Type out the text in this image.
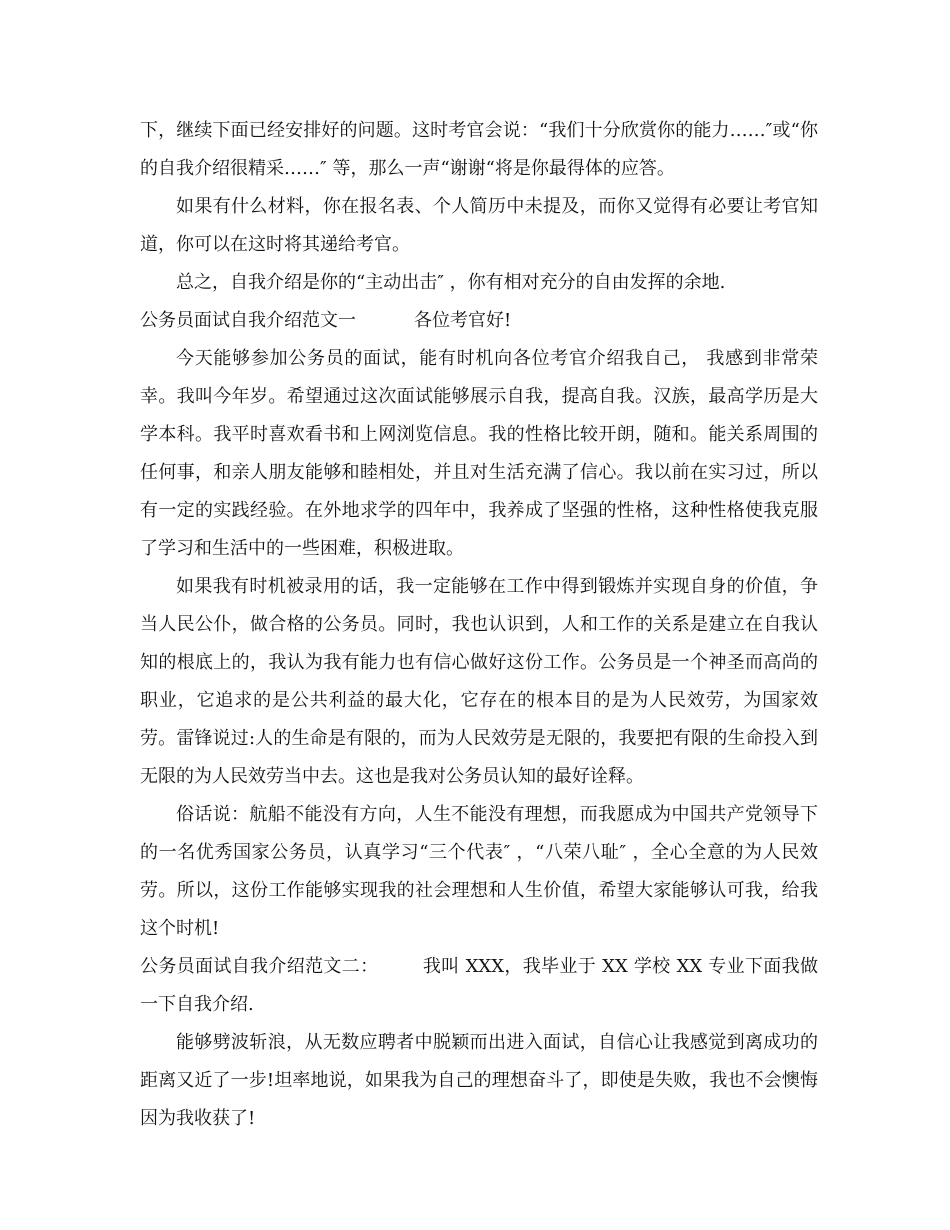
下，继续下面已经安排好的问题。这时考官会说：“我们十分欣赏你的能力……″或“你的自我介绍很精采……″ 等，那么一声“谢谢“将是你最得体的应答。

如果有什么材料，你在报名表、个人简历中未提及，而你又觉得有必要让考官知道，你可以在这时将其递给考官。

总之，自我介绍是你的“主动出击″ ，你有相对充分的自由发挥的余地.

公务员面试自我介绍范文一	各位考官好!

今天能够参加公务员的面试，能有时机向各位考官介绍我自己， 我感到非常荣幸。我叫今年岁。希望通过这次面试能够展示自我，提高自我。汉族，最高学历是大学本科。我平时喜欢看书和上网浏览信息。我的性格比较开朗，随和。能关系周围的任何事，和亲人朋友能够和睦相处，并且对生活充满了信心。我以前在实习过，所以有一定的实践经验。在外地求学的四年中，我养成了坚强的性格，这种性格使我克服了学习和生活中的一些困难，积极进取。

如果我有时机被录用的话，我一定能够在工作中得到锻炼并实现自身的价值，争当人民公仆，做合格的公务员。同时，我也认识到，人和工作的关系是建立在自我认知的根底上的，我认为我有能力也有信心做好这份工作。公务员是一个神圣而高尚的职业，它追求的是公共利益的最大化，它存在的根本目的是为人民效劳，为国家效劳。雷锋说过:人的生命是有限的，而为人民效劳是无限的，我要把有限的生命投入到无限的为人民效劳当中去。这也是我对公务员认知的最好诠释。

俗话说：航船不能没有方向，人生不能没有理想，而我愿成为中国共产党领导下的一名优秀国家公务员，认真学习“三个代表″ ，“八荣八耻″ ，全心全意的为人民效劳。所以，这份工作能够实现我的社会理想和人生价值，希望大家能够认可我，给我这个时机!

公务员面试自我介绍范文二： 我叫 XXX，我毕业于 XX 学校 XX 专业下面我做一下自我介绍.

能够劈波斩浪，从无数应聘者中脱颖而出进入面试，自信心让我感觉到离成功的距离又近了一步!坦率地说，如果我为自己的理想奋斗了，即使是失败，我也不会懊悔因为我收获了!
